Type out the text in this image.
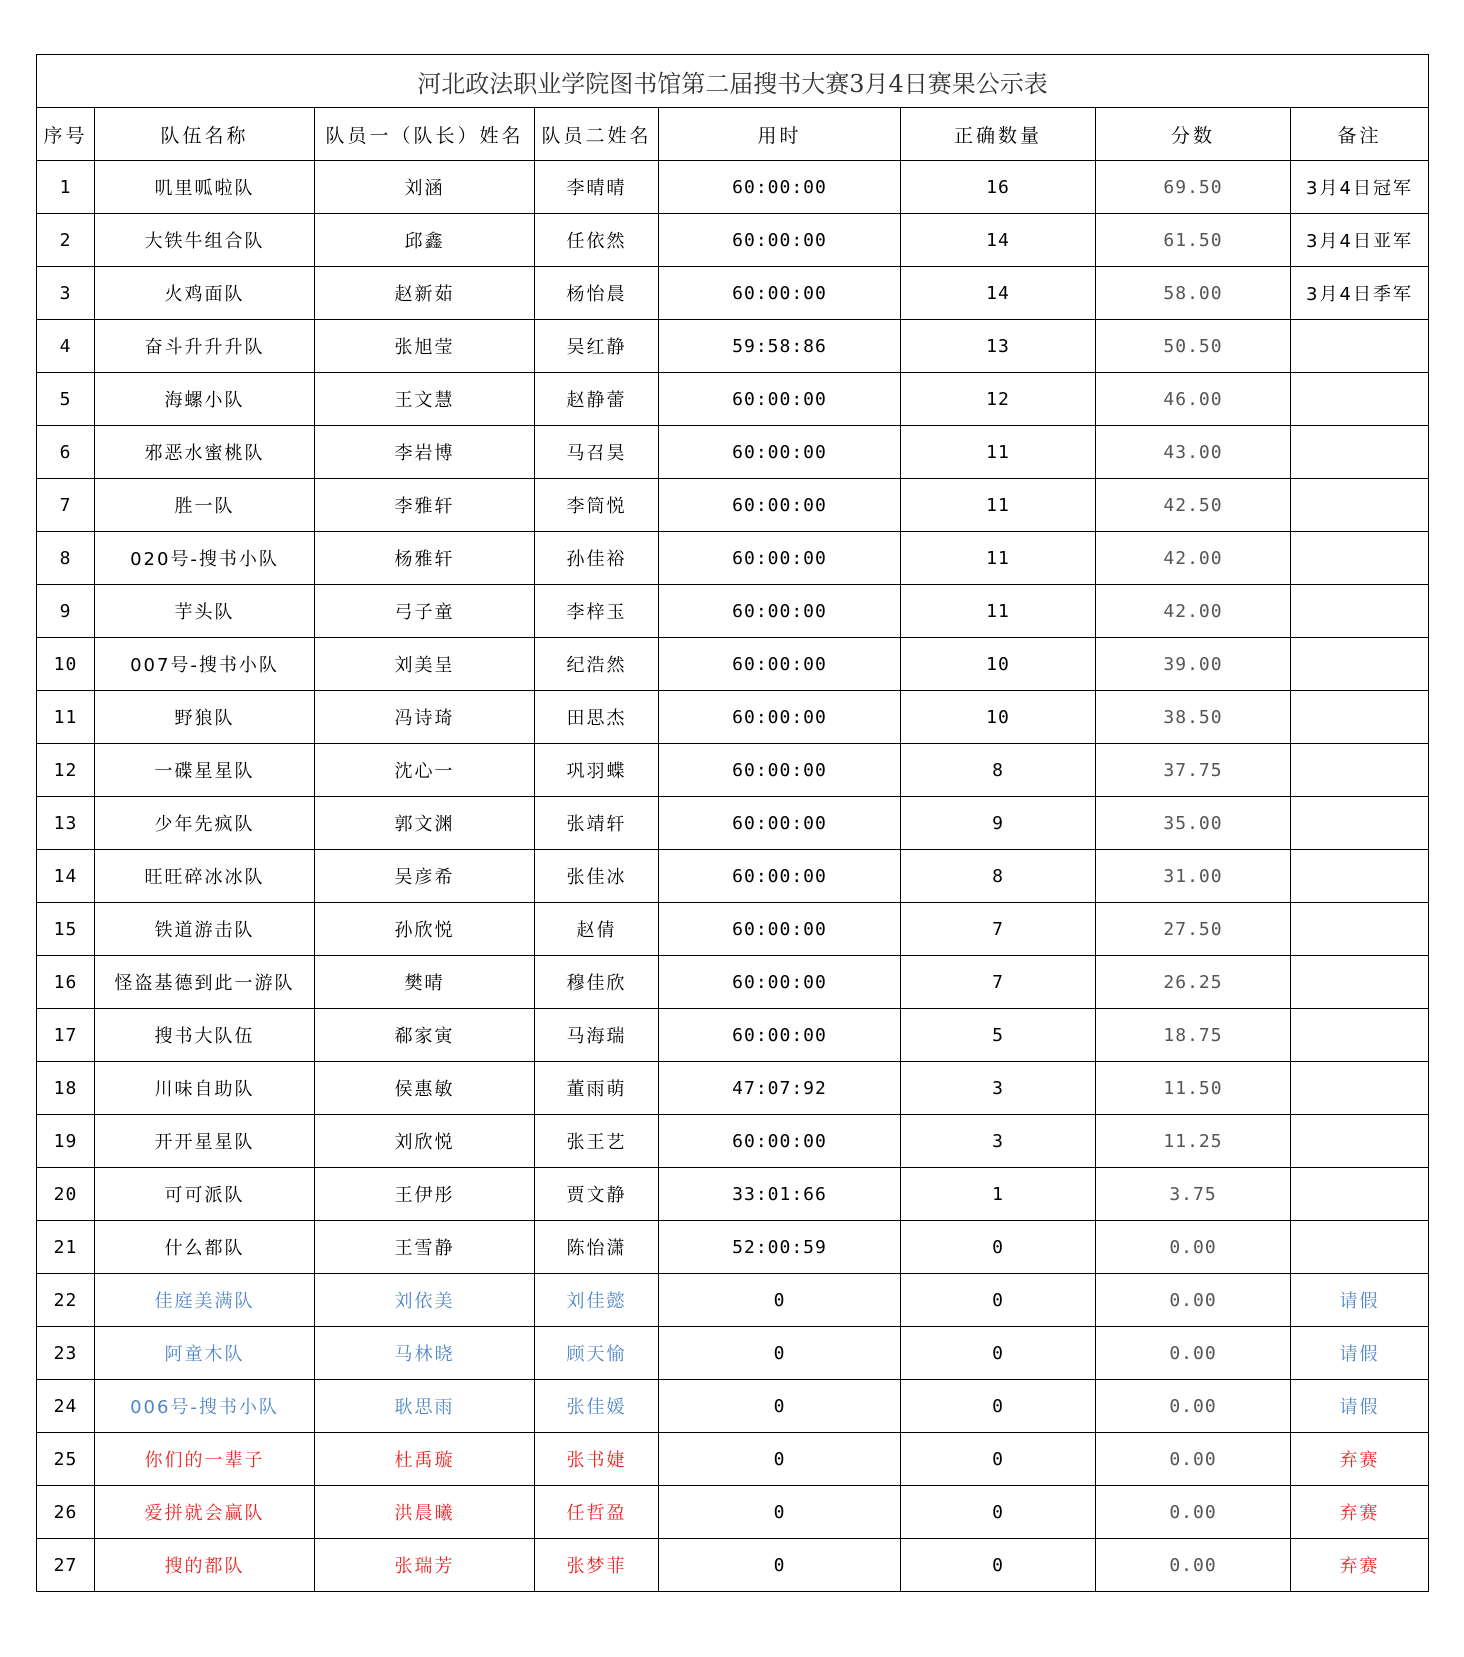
河北政法职业学院图书馆第二届搜书大赛3月4日赛果公示表							
序号	队伍名称	队员一（队长）姓名	队员二姓名	用时	正确数量	分数	备注
1	叽里呱啦队	刘涵	李晴晴	60:00:00	16	69.50	3月4日冠军
2	大铁牛组合队	邱鑫	任依然	60:00:00	14	61.50	3月4日亚军
3	火鸡面队	赵新茹	杨怡晨	60:00:00	14	58.00	3月4日季军
4	奋斗升升升队	张旭莹	吴红静	59:58:86	13	50.50	
5	海螺小队	王文慧	赵静蕾	60:00:00	12	46.00	
6	邪恶水蜜桃队	李岩博	马召昊	60:00:00	11	43.00	
7	胜一队	李雅轩	李筒悦	60:00:00	11	42.50	
8	020号-搜书小队	杨雅轩	孙佳裕	60:00:00	11	42.00	
9	芋头队	弓子童	李梓玉	60:00:00	11	42.00	
10	007号-搜书小队	刘美呈	纪浩然	60:00:00	10	39.00	
11	野狼队	冯诗琦	田思杰	60:00:00	10	38.50	
12	一碟星星队	沈心一	巩羽蝶	60:00:00	8	37.75	
13	少年先疯队	郭文渊	张靖轩	60:00:00	9	35.00	
14	旺旺碎冰冰队	吴彦希	张佳冰	60:00:00	8	31.00	
15	铁道游击队	孙欣悦	赵倩	60:00:00	7	27.50	
16	怪盗基德到此一游队	樊晴	穆佳欣	60:00:00	7	26.25	
17	搜书大队伍	郗家寅	马海瑞	60:00:00	5	18.75	
18	川味自助队	侯惠敏	董雨萌	47:07:92	3	11.50	
19	开开星星队	刘欣悦	张王艺	60:00:00	3	11.25	
20	可可派队	王伊彤	贾文静	33:01:66	1	3.75	
21	什么都队	王雪静	陈怡潇	52:00:59	0	0.00	
22	佳庭美满队	刘依美	刘佳懿	0	0	0.00	请假
23	阿童木队	马林晓	顾天愉	0	0	0.00	请假
24	006号-搜书小队	耿思雨	张佳媛	0	0	0.00	请假
25	你们的一辈子	杜禹璇	张书婕	0	0	0.00	弃赛
26	爱拼就会赢队	洪晨曦	任哲盈	0	0	0.00	弃赛
27	搜的都队	张瑞芳	张梦菲	0	0	0.00	弃赛
